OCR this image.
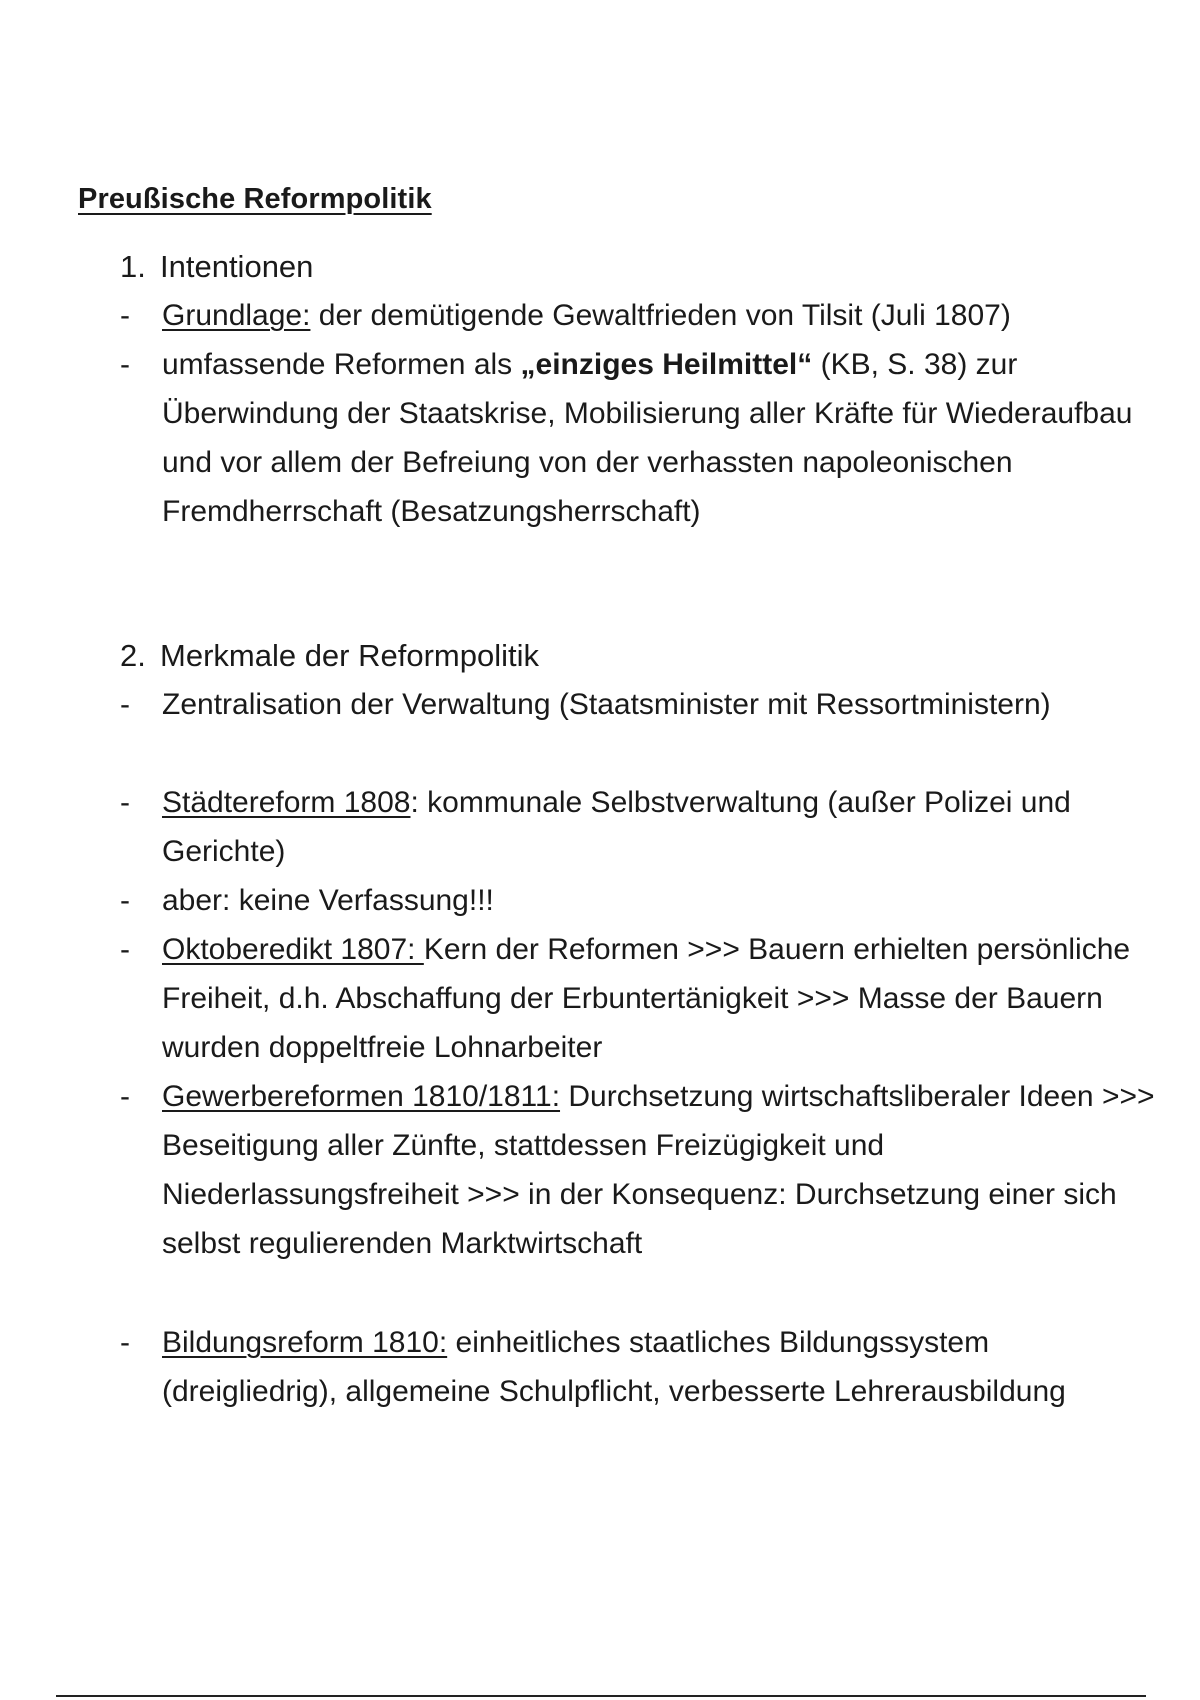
Preußische Reformpolitik
1. Intentionen
-	Grundlage: der demütigende Gewaltfrieden von Tilsit (Juli 1807)
-	umfassende Reformen als „einziges Heilmittel“ (KB, S. 38) zur Überwindung der Staatskrise, Mobilisierung aller Kräfte für Wiederaufbau und vor allem der Befreiung von der verhassten napoleonischen Fremdherrschaft (Besatzungsherrschaft)
2. Merkmale der Reformpolitik
-	Zentralisation der Verwaltung (Staatsminister mit Ressortministern)
-	Städtereform 1808: kommunale Selbstverwaltung (außer Polizei und Gerichte)
-	aber: keine Verfassung!!!
-	Oktoberedikt 1807: Kern der Reformen >>> Bauern erhielten persönliche Freiheit, d.h. Abschaffung der Erbuntertänigkeit >>> Masse der Bauern wurden doppeltfreie Lohnarbeiter
-	Gewerbereformen 1810/1811: Durchsetzung wirtschaftsliberaler Ideen >>> Beseitigung aller Zünfte, stattdessen Freizügigkeit und Niederlassungsfreiheit >>> in der Konsequenz: Durchsetzung einer sich selbst regulierenden Marktwirtschaft
-	Bildungsreform 1810: einheitliches staatliches Bildungssystem (dreigliedrig), allgemeine Schulpflicht, verbesserte Lehrerausbildung
